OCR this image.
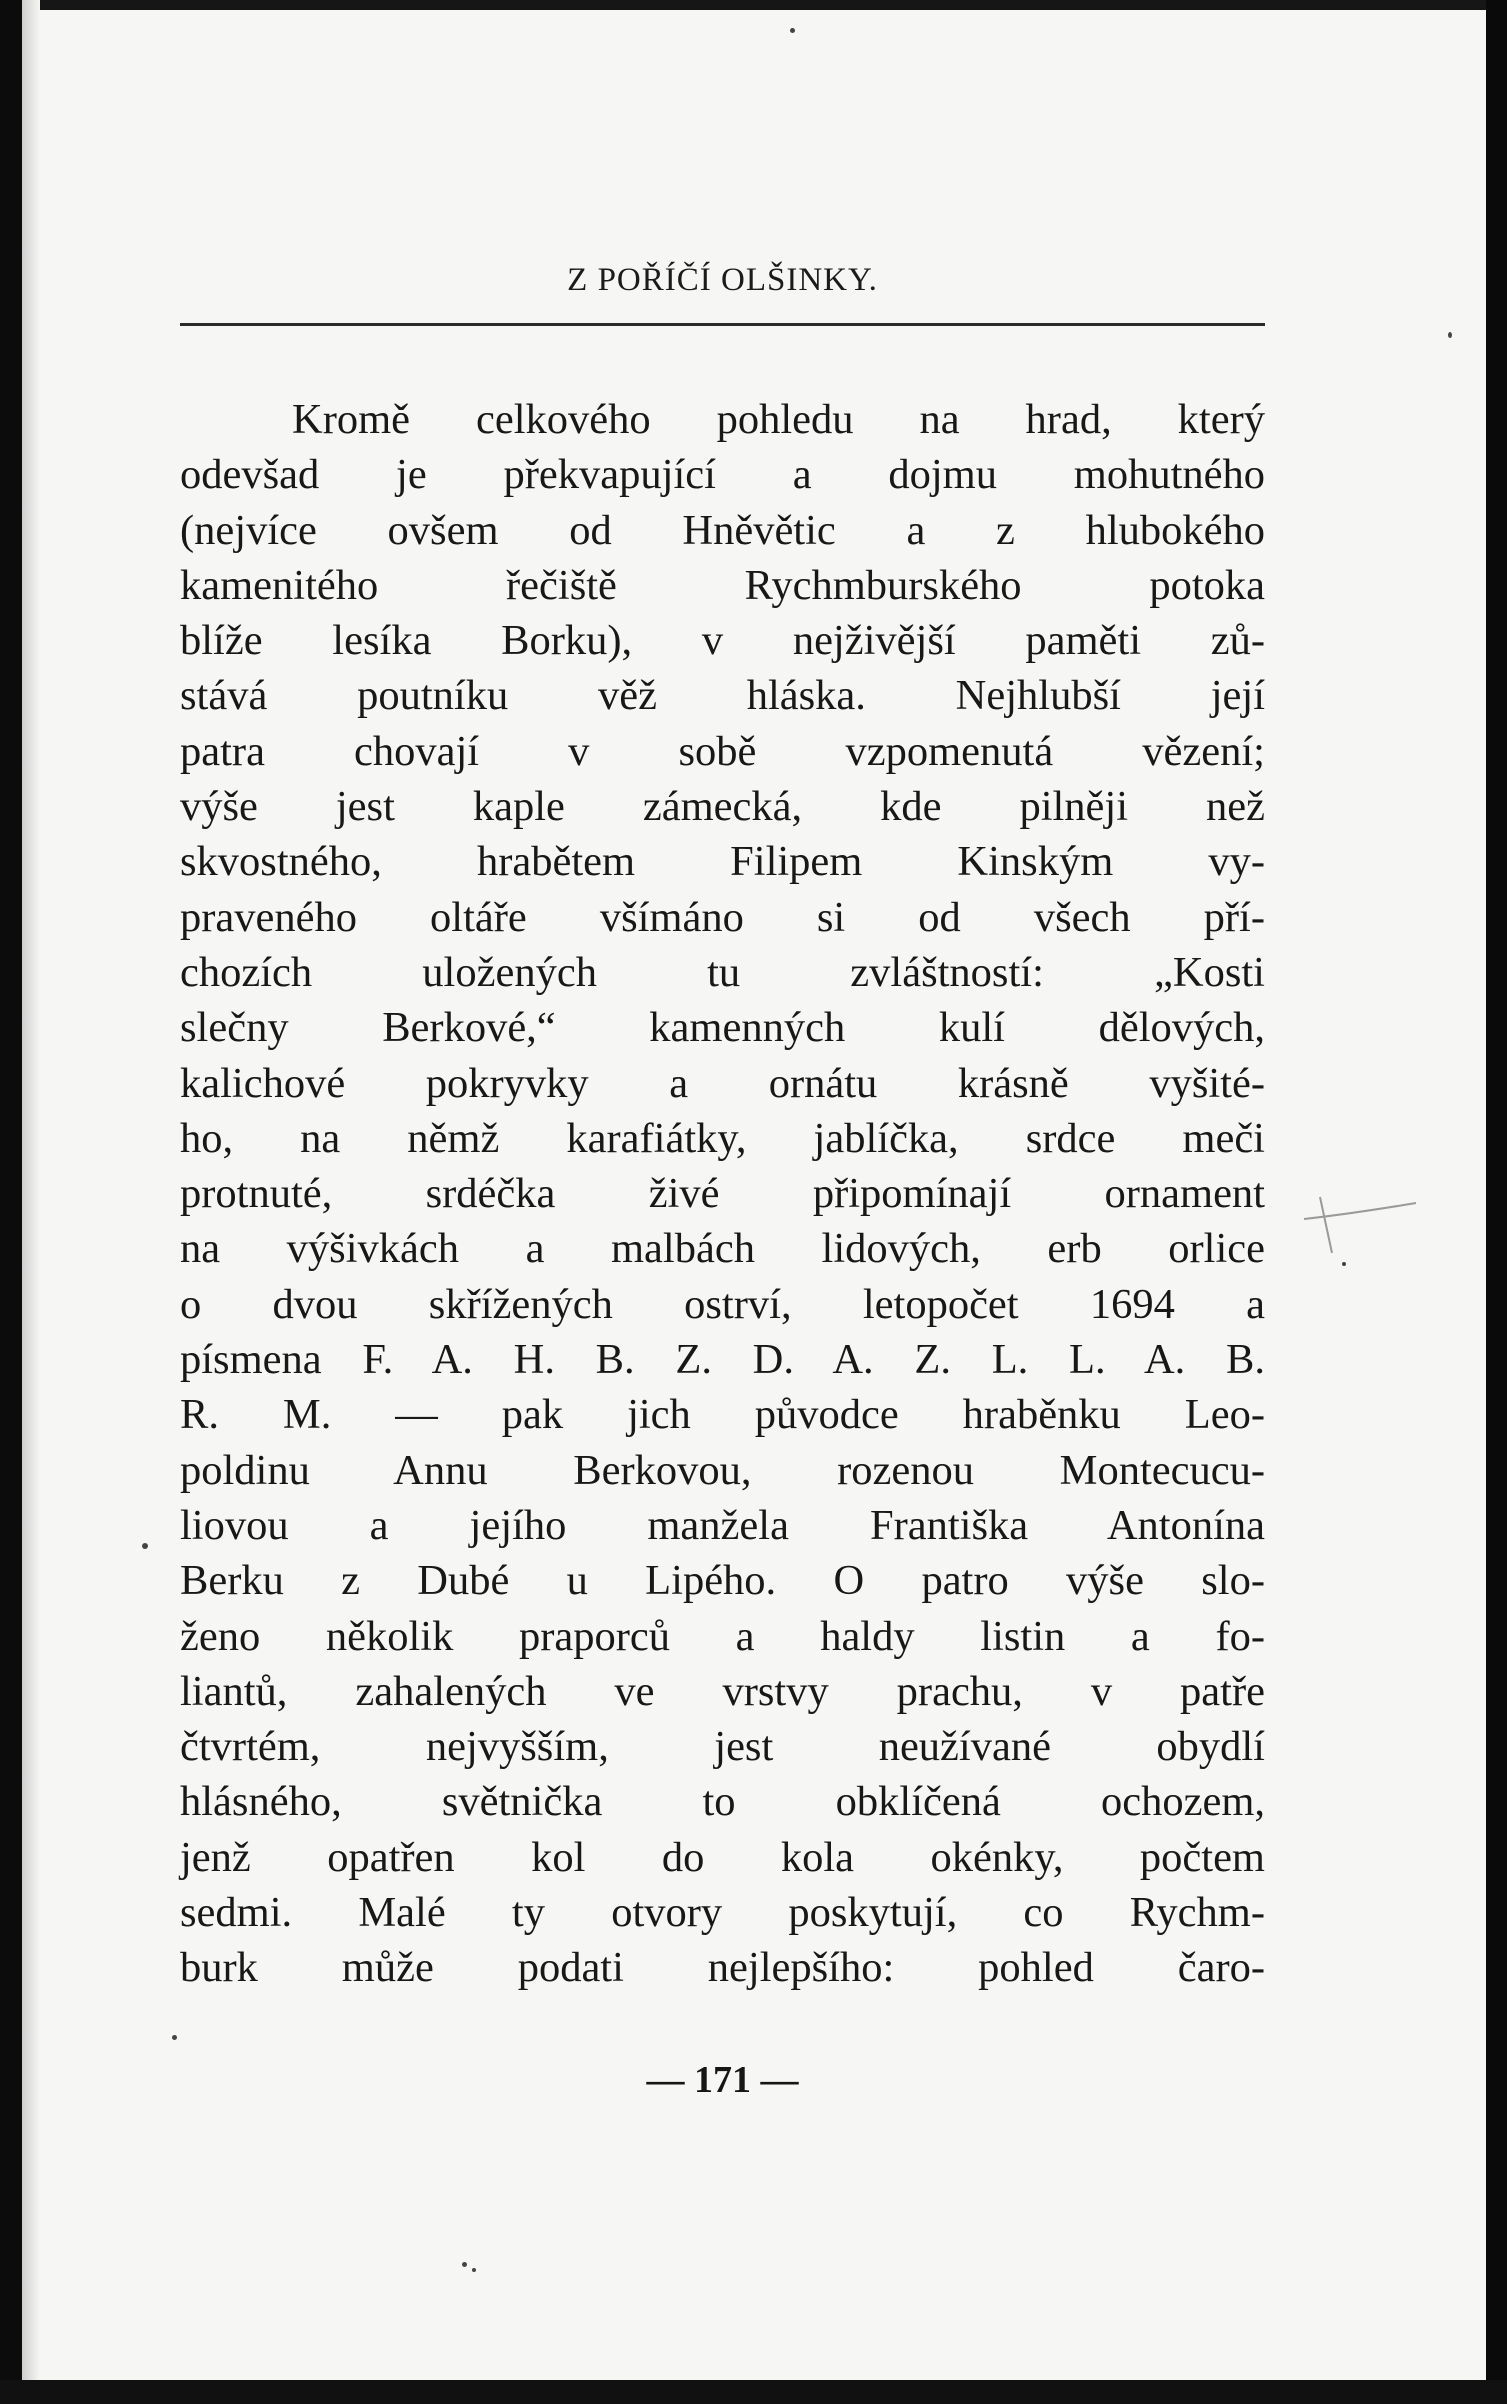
Z POŘÍČÍ OLŠINKY.
Kromě celkového pohledu na hrad, který
odevšad je překvapující a dojmu mohutného
(nejvíce ovšem od Hněvětic a z hlubokého
kamenitého řečiště Rychmburského potoka
blíže lesíka Borku), v nejživější paměti zů-
stává poutníku věž hláska. Nejhlubší její
patra chovají v sobě vzpomenutá vězení;
výše jest kaple zámecká, kde pilněji než
skvostného, hrabětem Filipem Kinským vy-
praveného oltáře všímáno si od všech pří-
chozích uložených tu zvláštností: „Kosti
slečny Berkové,“ kamenných kulí dělových,
kalichové pokryvky a ornátu krásně vyšité-
ho, na němž karafiátky, jablíčka, srdce meči
protnuté, srdéčka živé připomínají ornament
na výšivkách a malbách lidových, erb orlice
o dvou skřížených ostrví, letopočet 1694 a
písmena F. A. H. B. Z. D. A. Z. L. L. A. B.
R. M. — pak jich původce hraběnku Leo-
poldinu Annu Berkovou, rozenou Montecucu-
liovou a jejího manžela Františka Antonína
Berku z Dubé u Lipého. O patro výše slo-
ženo několik praporců a haldy listin a fo-
liantů, zahalených ve vrstvy prachu, v patře
čtvrtém, nejvyšším, jest neužívané obydlí
hlásného, světnička to obklíčená ochozem,
jenž opatřen kol do kola okénky, počtem
sedmi. Malé ty otvory poskytují, co Rychm-
burk může podati nejlepšího: pohled čaro-
— 171 —
